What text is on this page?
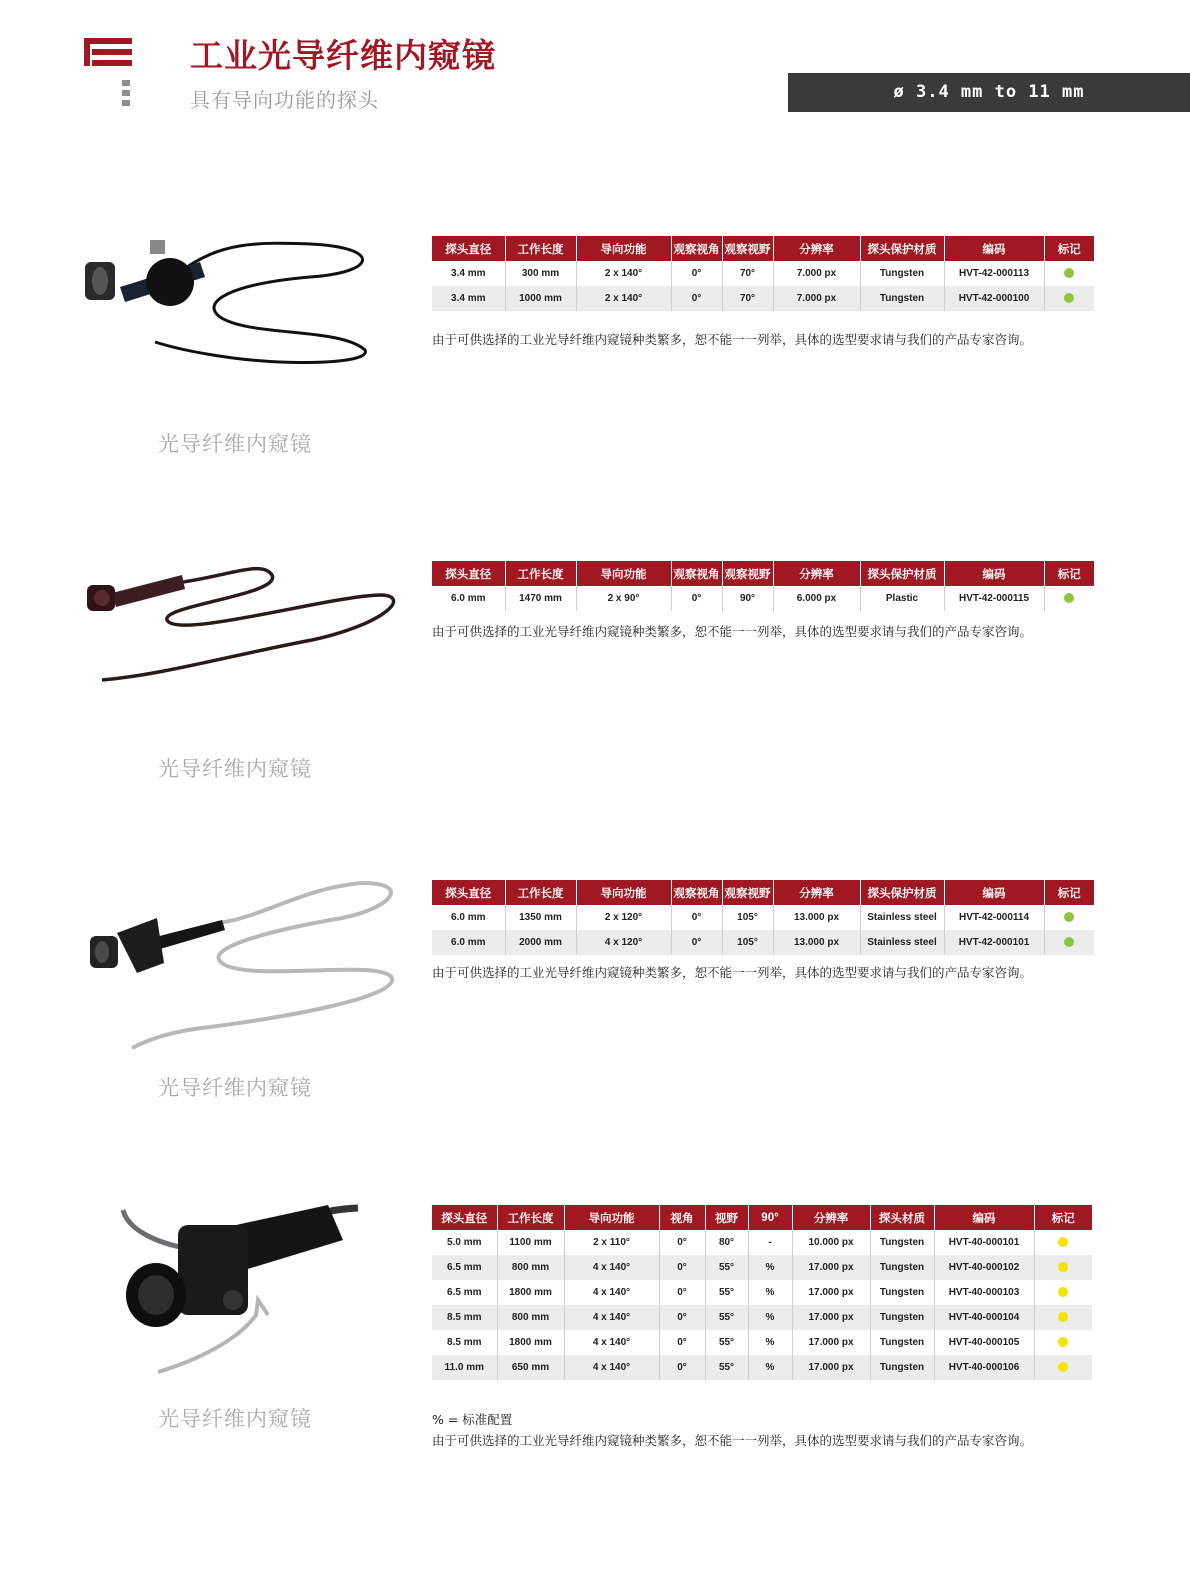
工业光导纤维内窥镜
具有导向功能的探头	ø 3.4 mm to 11 mm
光导纤维内窥镜
光导纤维内窥镜
光导纤维内窥镜
光导纤维内窥镜
探头直径	工作长度	导向功能	观察视角	观察视野	分辨率	探头保护材质	编码	标记
3.4 mm	300 mm	2 x 140°	0°	70°	7.000 px	Tungsten	HVT-42-000113	
3.4 mm	1000 mm	2 x 140°	0°	70°	7.000 px	Tungsten	HVT-42-000100	
由于可供选择的工业光导纤维内窥镜种类繁多，恕不能一一列举，具体的选型要求请与我们的产品专家咨询。
探头直径	工作长度	导向功能	观察视角	观察视野	分辨率	探头保护材质	编码	标记
6.0 mm	1470 mm	2 x 90°	0°	90°	6.000 px	Plastic	HVT-42-000115	
由于可供选择的工业光导纤维内窥镜种类繁多，恕不能一一列举，具体的选型要求请与我们的产品专家咨询。
探头直径	工作长度	导向功能	观察视角	观察视野	分辨率	探头保护材质	编码	标记
6.0 mm	1350 mm	2 x 120°	0°	105°	13.000 px	Stainless steel	HVT-42-000114	
6.0 mm	2000 mm	4 x 120°	0°	105°	13.000 px	Stainless steel	HVT-42-000101	
由于可供选择的工业光导纤维内窥镜种类繁多，恕不能一一列举，具体的选型要求请与我们的产品专家咨询。
探头直径	工作长度	导向功能	视角	视野	90°	分辨率	探头材质	编码	标记
5.0 mm	1100 mm	2 x 110°	0°	80°	-	10.000 px	Tungsten	HVT-40-000101	
6.5 mm	800 mm	4 x 140°	0°	55°	%	17.000 px	Tungsten	HVT-40-000102	
6.5 mm	1800 mm	4 x 140°	0°	55°	%	17.000 px	Tungsten	HVT-40-000103	
8.5 mm	800 mm	4 x 140°	0°	55°	%	17.000 px	Tungsten	HVT-40-000104	
8.5 mm	1800 mm	4 x 140°	0°	55°	%	17.000 px	Tungsten	HVT-40-000105	
11.0 mm	650 mm	4 x 140°	0°	55°	%	17.000 px	Tungsten	HVT-40-000106	
% = 标准配置
由于可供选择的工业光导纤维内窥镜种类繁多，恕不能一一列举，具体的选型要求请与我们的产品专家咨询。
